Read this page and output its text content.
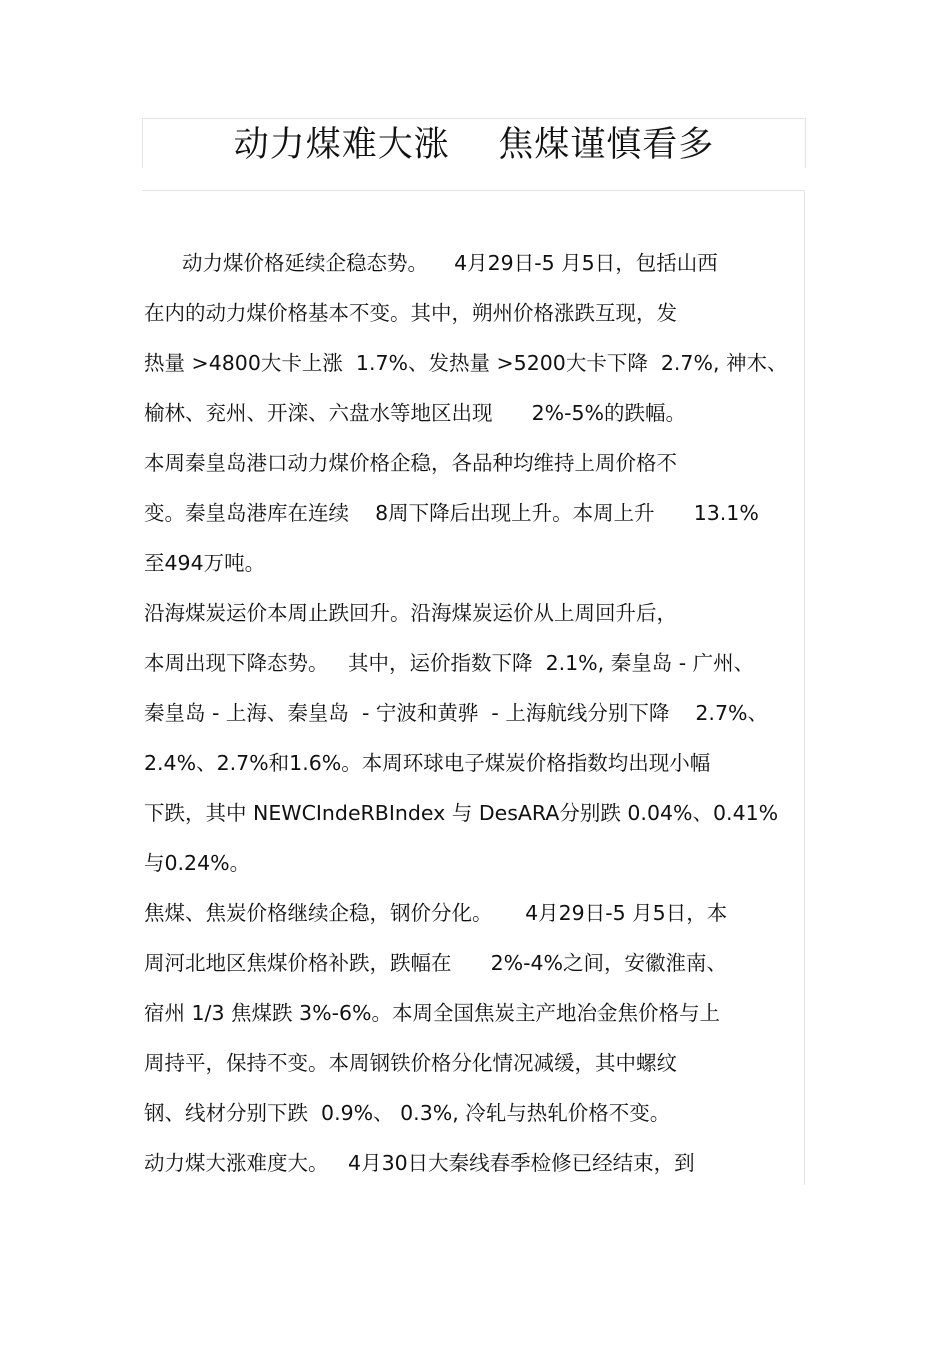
动力煤难大涨    焦煤谨慎看多
动力煤价格延续企稳态势。    4月29日-5 月5日，包括山西
在内的动力煤价格基本不变。其中，朔州价格涨跌互现，发
热量 >4800大卡上涨  1.7%、发热量 >5200大卡下降  2.7%, 神木、
榆林、兖州、开滦、六盘水等地区出现      2%-5%的跌幅。
本周秦皇岛港口动力煤价格企稳，各品种均维持上周价格不
变。秦皇岛港库在连续    8周下降后出现上升。本周上升      13.1%
至494万吨。
沿海煤炭运价本周止跌回升。沿海煤炭运价从上周回升后，
本周出现下降态势。   其中，运价指数下降  2.1%, 秦皇岛 - 广州、
秦皇岛 - 上海、秦皇岛  - 宁波和黄骅  - 上海航线分别下降    2.7%、
2.4%、2.7%和1.6%。本周环球电子煤炭价格指数均出现小幅
下跌，其中 NEWCIndeRBIndex 与 DesARA分别跌 0.04%、0.41%
与0.24%。
焦煤、焦炭价格继续企稳，钢价分化。     4月29日-5 月5日，本
周河北地区焦煤价格补跌，跌幅在      2%-4%之间，安徽淮南、
宿州 1/3 焦煤跌 3%-6%。本周全国焦炭主产地冶金焦价格与上
周持平，保持不变。本周钢铁价格分化情况减缓，其中螺纹
钢、线材分别下跌  0.9%、 0.3%, 冷轧与热轧价格不变。
动力煤大涨难度大。   4月30日大秦线春季检修已经结束，到
